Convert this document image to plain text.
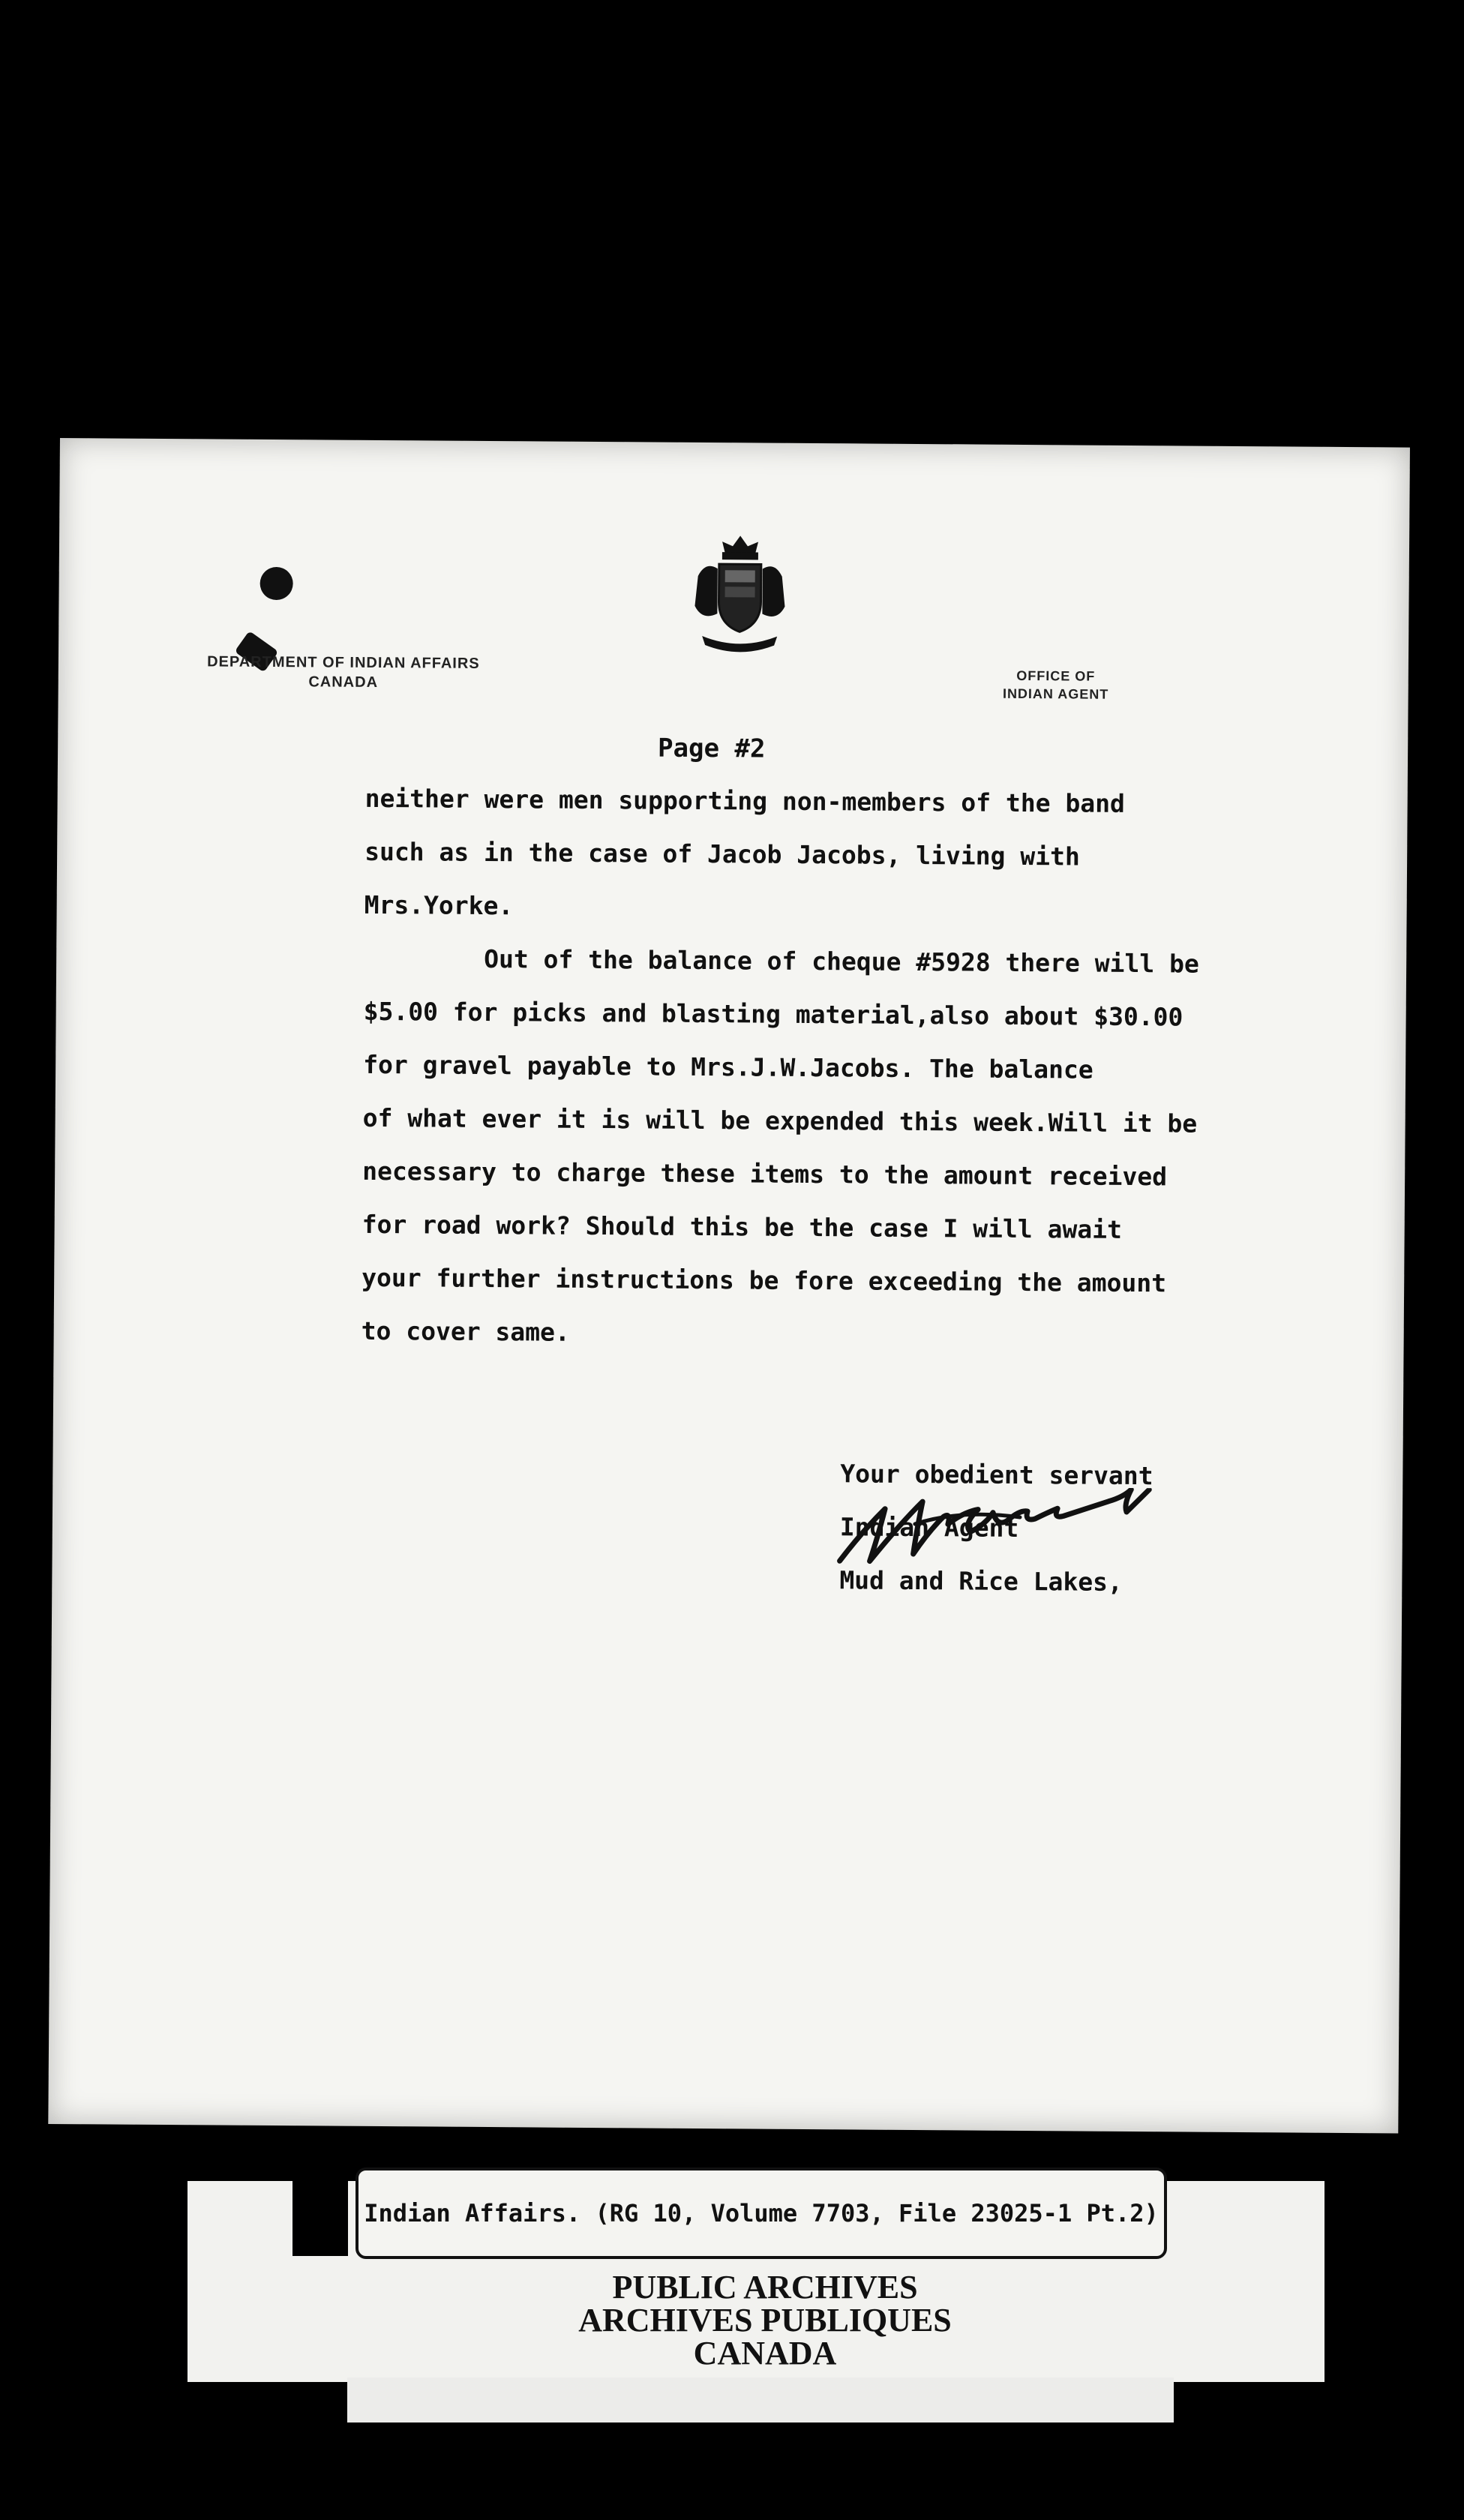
DEPARTMENT OF INDIAN AFFAIRS
CANADA	OFFICE OF
INDIAN AGENT
Page #2

neither were men supporting non-members of the band

such as in the case of Jacob Jacobs, living with

Mrs.Yorke.

Out of the balance of cheque #5928 there will be

$5.00 for picks and blasting material,also about $30.00

for gravel payable to Mrs.J.W.Jacobs. The balance

of what ever it is will be expended this week.Will it be

necessary to charge these items to the amount received

for road work? Should this be the case I will await

your further instructions be fore exceeding the amount

to cover same.

Your obedient servant
Indian Agent
Mud and Rice Lakes,
Indian Affairs. (RG 10, Volume 7703, File 23025-1 Pt.2)
PUBLIC ARCHIVES
ARCHIVES PUBLIQUES
CANADA
